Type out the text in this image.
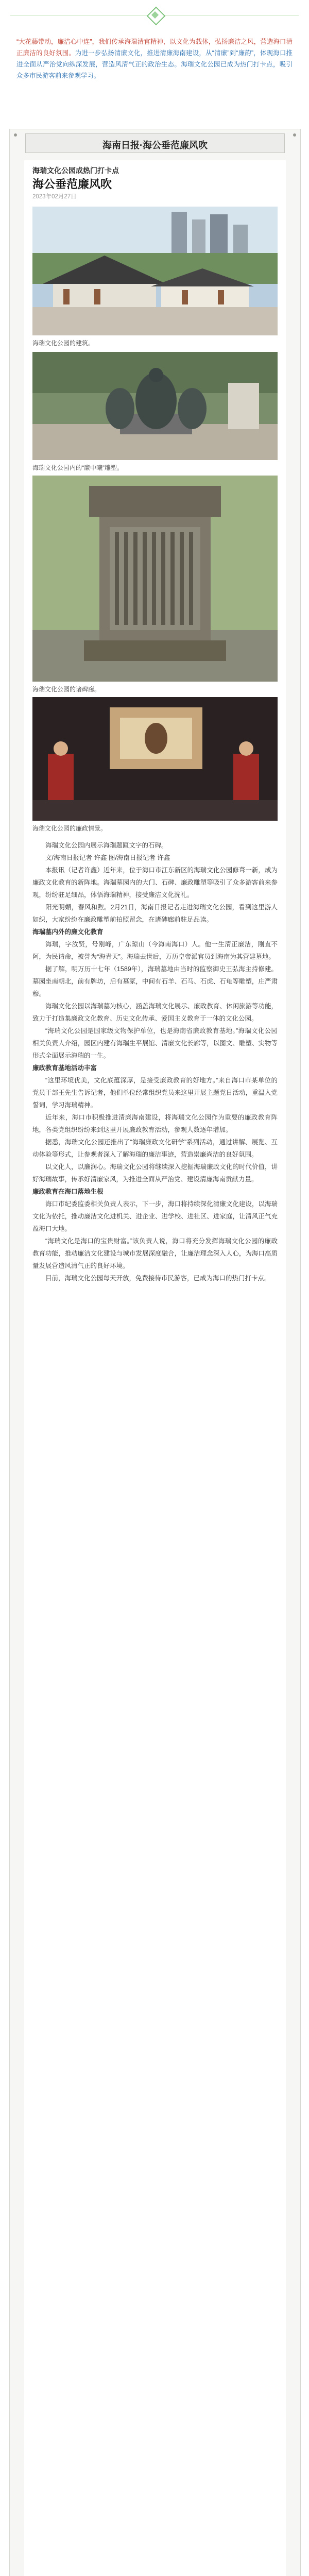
“大花藤带动，廉洁心中连”，我们传承海瑞清官精神，以文化为载体，弘扬廉洁之风，营造海口清正廉洁的良好氛围。为进一步弘扬清廉文化，推进清廉海南建设，从“清廉”到“廉韵”，体现海口推进全面从严治党向纵深发展，营造风清气正的政治生态。海瑞文化公园已成为热门打卡点，吸引众多市民游客前来参观学习。
海南日报·海公垂范廉风吹
海瑞文化公园成热门打卡点
海公垂范廉风吹
2023年02月27日
海瑞文化公园的建筑。
海瑞文化公园内的“廉中曦”雕塑。
海瑞文化公园的诸碑廊。
海瑞文化公园的廉政情景。

海瑞文化公园内展示海瑞题匾文字的石碑。

文/海南日报记者 许鑫 图/海南日报记者 许鑫

本报讯（记者许鑫）近年来，位于海口市江东新区的海瑞文化公园修葺一新，成为廉政文化教育的新阵地。海瑞墓园内的大门、石碑、廉政雕塑等吸引了众多游客前来参观，纷纷驻足细品，体悟海瑞精神，接受廉洁文化洗礼。

阳光明媚，春风和煦。2月21日，海南日报记者走进海瑞文化公园，看到这里游人如织，大家纷纷在廉政雕塑前拍照留念，在诸碑廊前驻足品读。

海瑞墓内外的廉文化教育

海瑞，字汝贤，号刚峰，广东琼山（今海南海口）人。他一生清正廉洁，刚直不阿，为民请命，被誉为“海青天”。海瑞去世后，万历皇帝派官员到海南为其营建墓地。

据了解，明万历十七年（1589年），海瑞墓地由当时的监察御史王弘海主持修建。墓园坐南朝北，前有牌坊，后有墓冢，中间有石羊、石马、石虎、石龟等雕塑，庄严肃穆。

海瑞文化公园以海瑞墓为核心，涵盖海瑞文化展示、廉政教育、休闲旅游等功能，致力于打造集廉政文化教育、历史文化传承、爱国主义教育于一体的文化公园。

“海瑞文化公园是国家级文物保护单位，也是海南省廉政教育基地。”海瑞文化公园相关负责人介绍，园区内建有海瑞生平展馆、清廉文化长廊等，以图文、雕塑、实物等形式全面展示海瑞的一生。

廉政教育基地活动丰富

“这里环境优美，文化底蕴深厚，是接受廉政教育的好地方。”来自海口市某单位的党员干部王先生告诉记者，他们单位经常组织党员来这里开展主题党日活动，重温入党誓词，学习海瑞精神。

近年来，海口市积极推进清廉海南建设，将海瑞文化公园作为重要的廉政教育阵地，各类党组织纷纷来到这里开展廉政教育活动，参观人数逐年增加。

据悉，海瑞文化公园还推出了“海瑞廉政文化研学”系列活动，通过讲解、展览、互动体验等形式，让参观者深入了解海瑞的廉洁事迹，营造崇廉尚洁的良好氛围。

以文化人，以廉润心。海瑞文化公园将继续深入挖掘海瑞廉政文化的时代价值，讲好海瑞故事，传承好清廉家风，为推进全面从严治党、建设清廉海南贡献力量。

廉政教育在海口落地生根

海口市纪委监委相关负责人表示，下一步，海口将持续深化清廉文化建设，以海瑞文化为依托，推动廉洁文化进机关、进企业、进学校、进社区、进家庭，让清风正气充盈海口大地。

“海瑞文化是海口的宝贵财富。”该负责人说，海口将充分发挥海瑞文化公园的廉政教育功能，推动廉洁文化建设与城市发展深度融合，让廉洁理念深入人心，为海口高质量发展营造风清气正的良好环境。

目前，海瑞文化公园每天开放，免费接待市民游客，已成为海口的热门打卡点。
